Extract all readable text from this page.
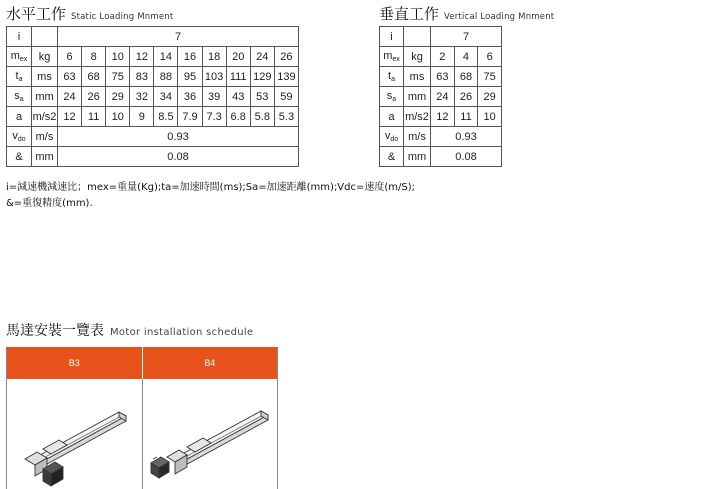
水平工作 Static Loading Mnment
i		7									
$m_{ex}$	kg	6	8	10	12	14	16	18	20	24	26
$t_a$	ms	63	68	75	83	88	95	103	111	129	139
$s_a$	mm	24	26	29	32	34	36	39	43	53	59
a	m/s2	12	11	10	9	8.5	7.9	7.3	6.8	5.8	5.3
$v_{do}$	m/s	0.93									
&	mm	0.08									
垂直工作 Vertical Loading Mnment
i		7		
$m_{ex}$	kg	2	4	6
$t_a$	ms	63	68	75
$s_a$	mm	24	26	29
a	m/s2	12	11	10
$v_{do}$	m/s	0.93		
&	mm	0.08		
i=減速機減速比；mex=重量(Kg);ta=加速時間(ms);Sa=加速距離(mm);Vdc=速度(m/S);
&=重復精度(mm).
馬達安裝一覽表 Motor installation schedule
B3	B4
